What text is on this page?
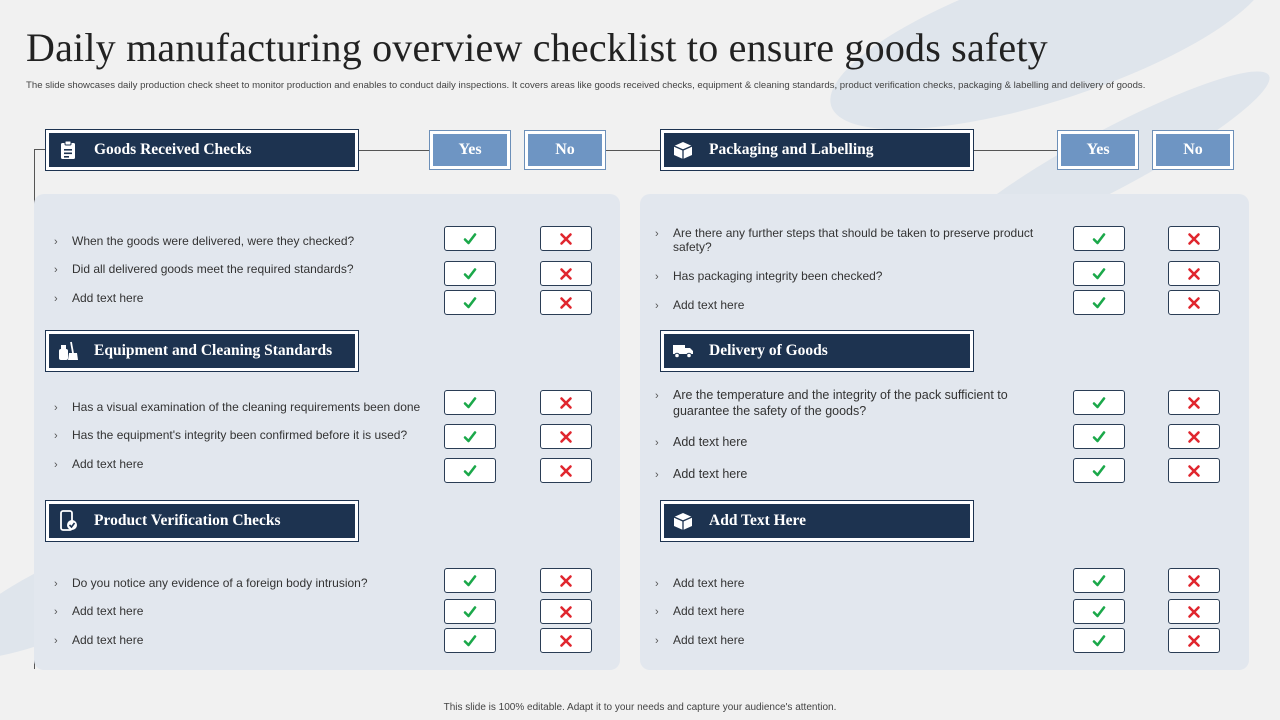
Daily manufacturing overview checklist to ensure goods safety
The slide showcases daily production check sheet to monitor production and enables to conduct daily inspections. It covers areas like goods received checks, equipment & cleaning standards, product verification checks, packaging & labelling and delivery of goods.
Yes	No	Yes	No
Goods Received Checks
Equipment and Cleaning Standards
Product Verification Checks
Packaging and Labelling
Delivery of Goods
Add Text Here
›	When the goods were delivered, were they checked?
›	Did all delivered goods meet the required standards?
›	Add text here
›	Has a visual examination of the cleaning requirements been done
›	Has the equipment's integrity been confirmed before it is used?
›	Add text here
›	Do you notice any evidence of a foreign body intrusion?
›	Add text here
›	Add text here
›	Are there any further steps that should be taken to preserve product safety?
›	Has packaging integrity been checked?
›	Add text here
›	Are the temperature and the integrity of the pack sufficient to guarantee the safety of the goods?
›	Add text here
›	Add text here
›	Add text here
›	Add text here
›	Add text here
This slide is 100% editable. Adapt it to your needs and capture your audience's attention.
